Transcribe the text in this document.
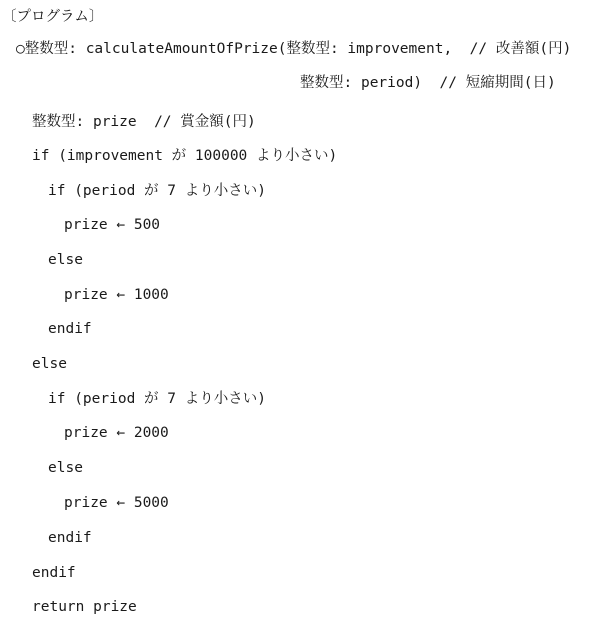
〔プログラム〕
○整数型: calculateAmountOfPrize(整数型: improvement,  // 改善額(円)
整数型: period)  // 短縮期間(日)
整数型: prize  // 賞金額(円)
if (improvement が 100000 より小さい)
if (period が 7 より小さい)
prize ← 500
else
prize ← 1000
endif
else
if (period が 7 より小さい)
prize ← 2000
else
prize ← 5000
endif
endif
return prize
